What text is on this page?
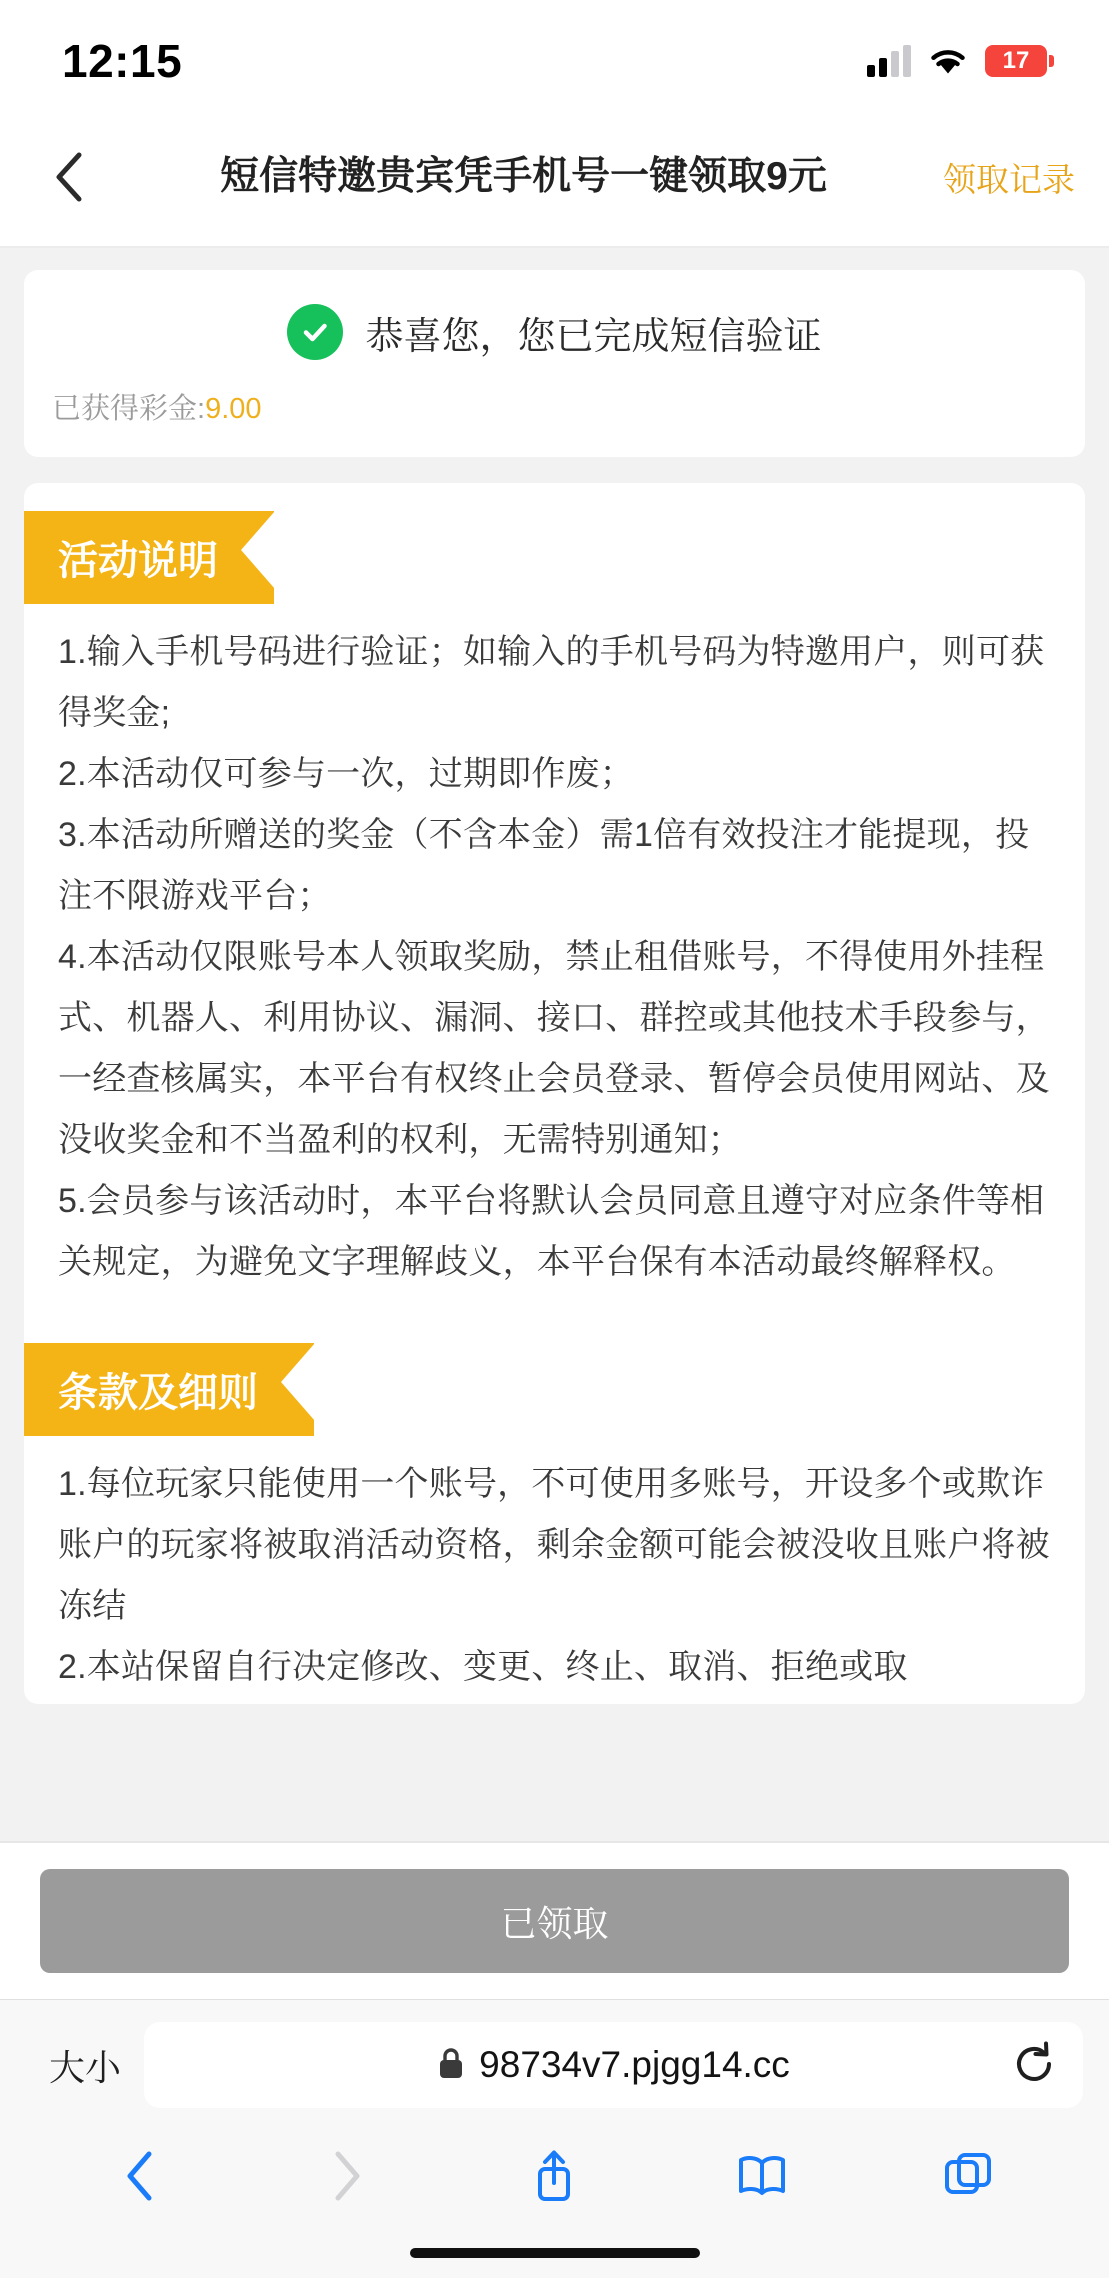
12:15	17
短信特邀贵宾凭手机号一键领取9元	领取记录
恭喜您，您已完成短信验证
已获得彩金:9.00
活动说明

1.输入手机号码进行验证；如输入的手机号码为特邀用户，则可获得奖金;

2.本活动仅可参与一次，过期即作废；

3.本活动所赠送的奖金（不含本金）需1倍有效投注才能提现，投注不限游戏平台；

4.本活动仅限账号本人领取奖励，禁止租借账号，不得使用外挂程式、机器人、利用协议、漏洞、接口、群控或其他技术手段参与，一经查核属实，本平台有权终止会员登录、暂停会员使用网站、及没收奖金和不当盈利的权利，无需特别通知；

5.会员参与该活动时，本平台将默认会员同意且遵守对应条件等相关规定，为避免文字理解歧义，本平台保有本活动最终解释权。

条款及细则

1.每位玩家只能使用一个账号，不可使用多账号，开设多个或欺诈账户的玩家将被取消活动资格，剩余金额可能会被没收且账户将被冻结

2.本站保留自行决定修改、变更、终止、取消、拒绝或取

已领取
大小	98734v7.pjgg14.cc
